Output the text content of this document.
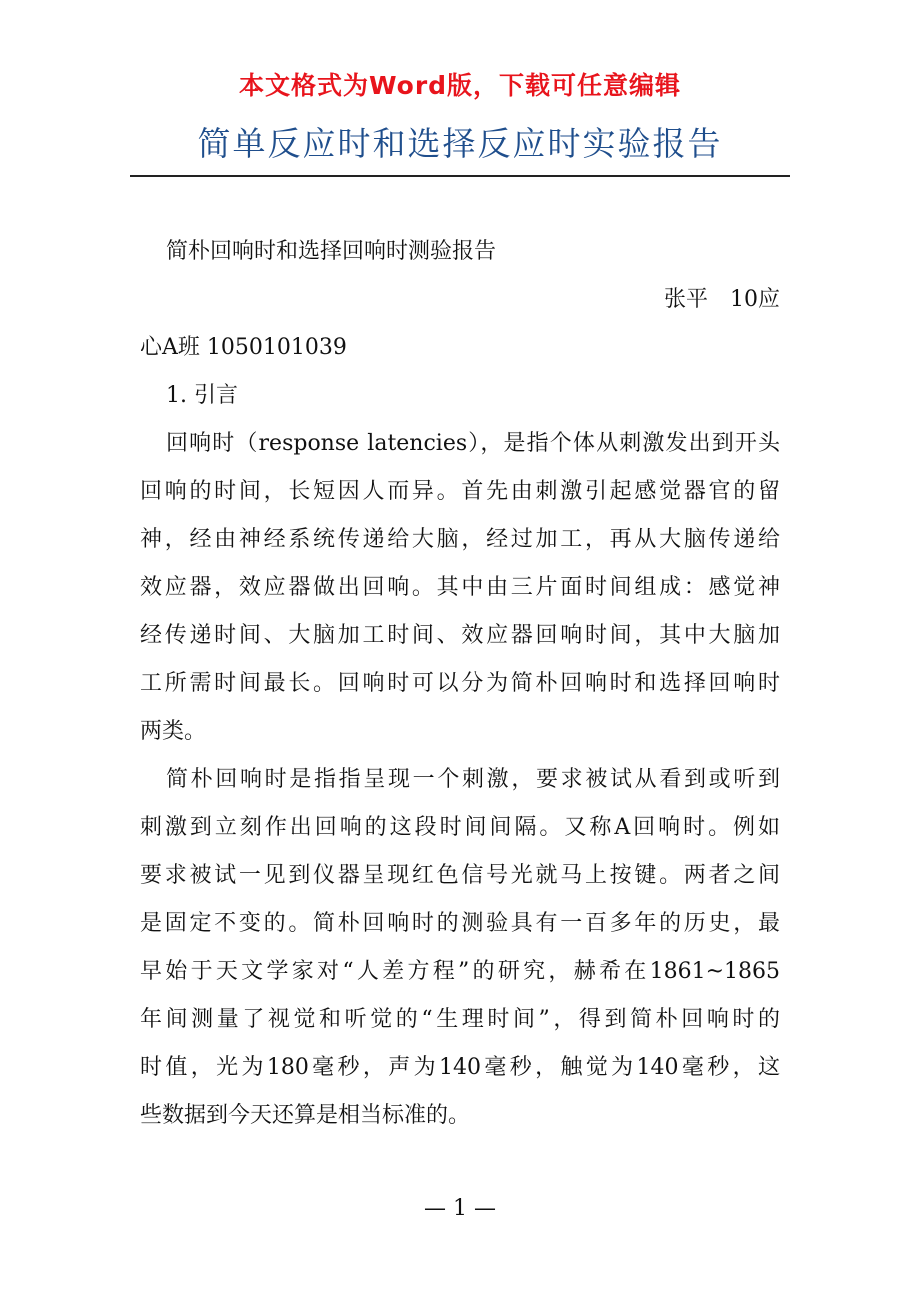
本文格式为Word版，下载可任意编辑
简单反应时和选择反应时实验报告
简朴回响时和选择回响时测验报告
张平　10应
心A班 1050101039
1. 引言
回响时（response latencies），是指个体从刺激发出到开头
回响的时间，长短因人而异。首先由刺激引起感觉器官的留
神，经由神经系统传递给大脑，经过加工，再从大脑传递给
效应器，效应器做出回响。其中由三片面时间组成：感觉神
经传递时间、大脑加工时间、效应器回响时间，其中大脑加
工所需时间最长。回响时可以分为简朴回响时和选择回响时
两类。
简朴回响时是指指呈现一个刺激，要求被试从看到或听到
刺激到立刻作出回响的这段时间间隔。又称A回响时。例如
要求被试一见到仪器呈现红色信号光就马上按键。两者之间
是固定不变的。简朴回响时的测验具有一百多年的历史，最
早始于天文学家对“人差方程”的研究，赫希在1861~1865
年间测量了视觉和听觉的“生理时间”，得到简朴回响时的
时值，光为180毫秒，声为140毫秒，触觉为140毫秒，这
些数据到今天还算是相当标准的。
— 1 —
